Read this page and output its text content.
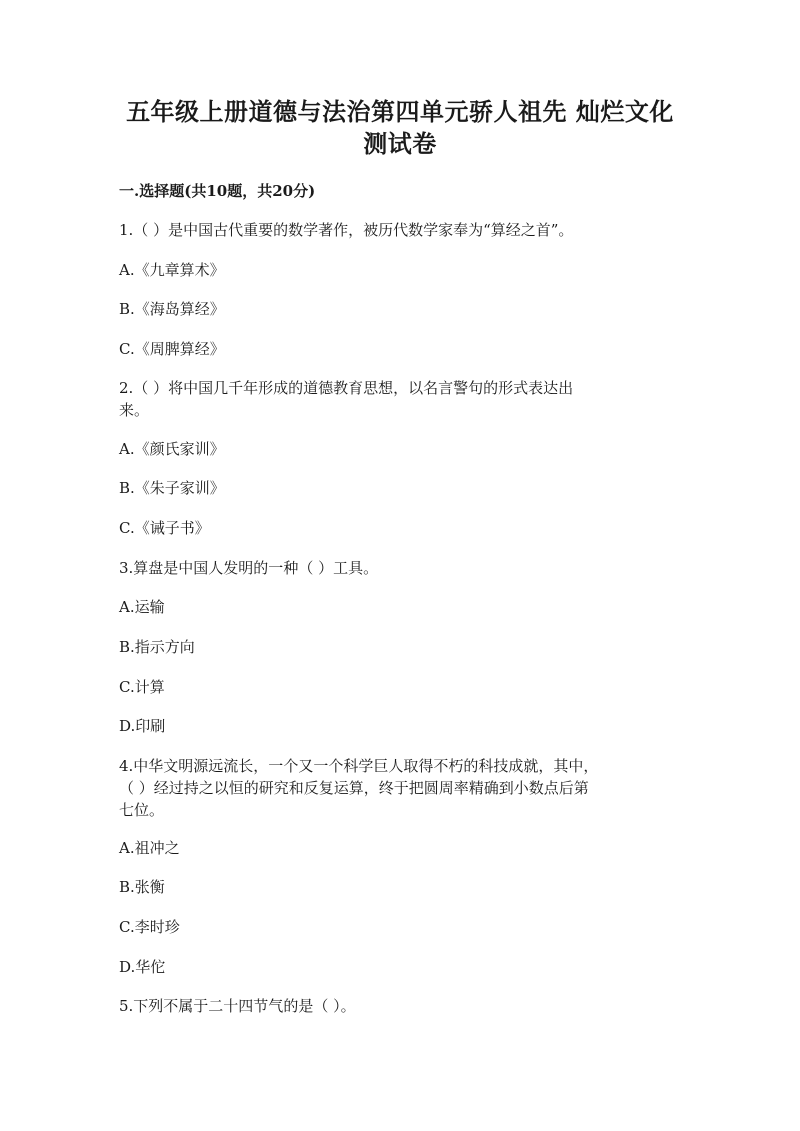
五年级上册道德与法治第四单元骄人祖先 灿烂文化
测试卷
一.选择题(共10题，共20分)
1.（ ）是中国古代重要的数学著作，被历代数学家奉为“算经之首”。
A.《九章算术》
B.《海岛算经》
C.《周脾算经》
2.（ ）将中国几千年形成的道德教育思想，以名言警句的形式表达出
来。
A.《颜氏家训》
B.《朱子家训》
C.《诫子书》
3.算盘是中国人发明的一种（ ）工具。
A.运输
B.指示方向
C.计算
D.印刷
4.中华文明源远流长，一个又一个科学巨人取得不朽的科技成就，其中，
（ ）经过持之以恒的研究和反复运算，终于把圆周率精确到小数点后第
七位。
A.祖冲之
B.张衡
C.李时珍
D.华佗
5.下列不属于二十四节气的是（ ）。
